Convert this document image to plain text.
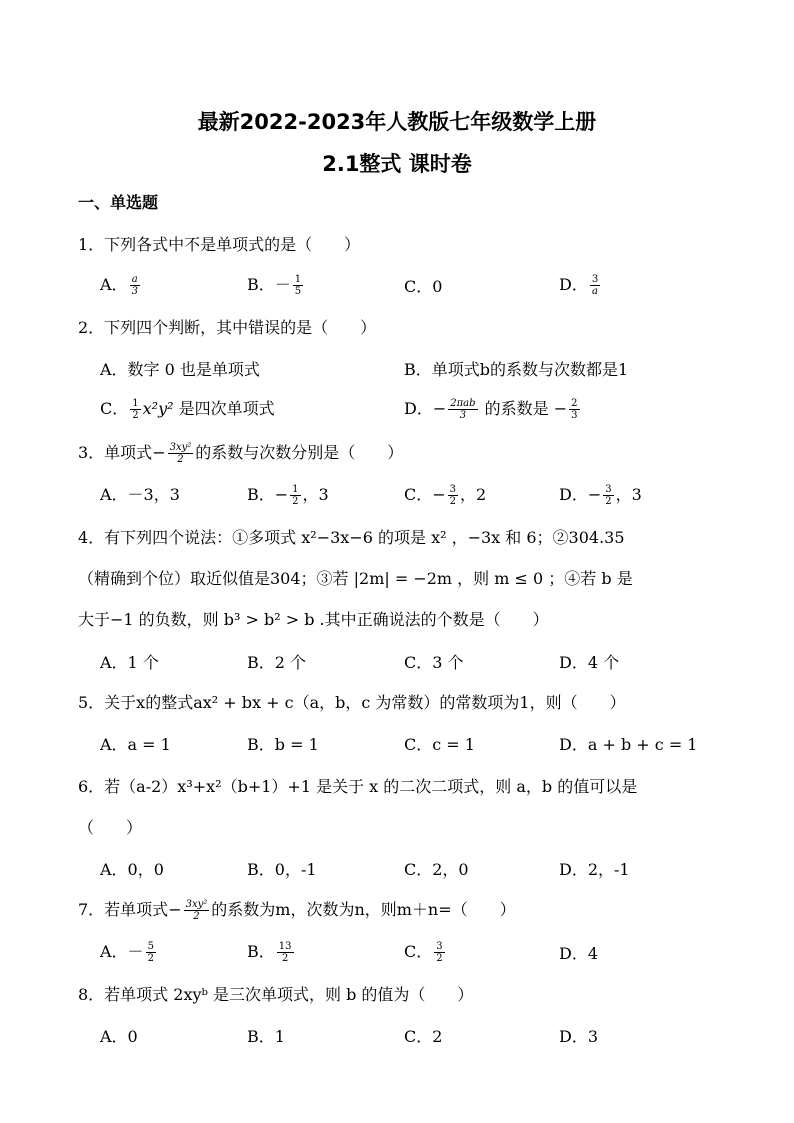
最新2022-2023年人教版七年级数学上册
2.1整式 课时卷
一、单选题
1．下列各式中不是单项式的是（　　）
A． $\frac{a}{3}$	B．－ $\frac{1}{5}$	C．0	D． $\frac{3}{a}$
2．下列四个判断，其中错误的是（　　）
A．数字 0 也是单项式	B．单项式b的系数与次数都是1
C． $\frac{1}{2} x^2y^2$ 是四次单项式	D．− $\frac{\text{2πab}}{3}$ 的系数是 − $\frac{2}{3}$
3．单项式− $\frac{\text{3xy²}}{2}$ 的系数与次数分别是（　　）
A．－3，3	B．− $\frac{1}{2}$ ，3	C．− $\frac{3}{2}$ ，2	D．− $\frac{3}{2}$ ，3
4．有下列四个说法：①多项式 x²−3x−6 的项是 x² ，−3x 和 6；②304.35
（精确到个位）取近似值是304；③若 |2m| = −2m ，则 m ≤ 0 ；④若 b 是
大于−1 的负数，则 b³ > b² > b .其中正确说法的个数是（　　）
A．1 个	B．2 个	C．3 个	D．4 个
5．关于x的整式ax² + bx + c（a，b，c 为常数）的常数项为1，则（　　）
A．a = 1	B．b = 1	C．c = 1	D．a + b + c = 1
6．若（a-2）x³+x²（b+1）+1 是关于 x 的二次二项式，则 a，b 的值可以是
（　　）
A．0，0	B．0，-1	C．2，0	D．2，-1
7．若单项式− $\frac{\text{3xy²}}{2}$ 的系数为m，次数为n，则m＋n=（　　）
A．－ $\frac{5}{2}$	B． $\frac{13}{2}$	C． $\frac{3}{2}$	D．4
8．若单项式 2xyᵇ 是三次单项式，则 b 的值为（　　）
A．0	B．1	C．2	D．3
